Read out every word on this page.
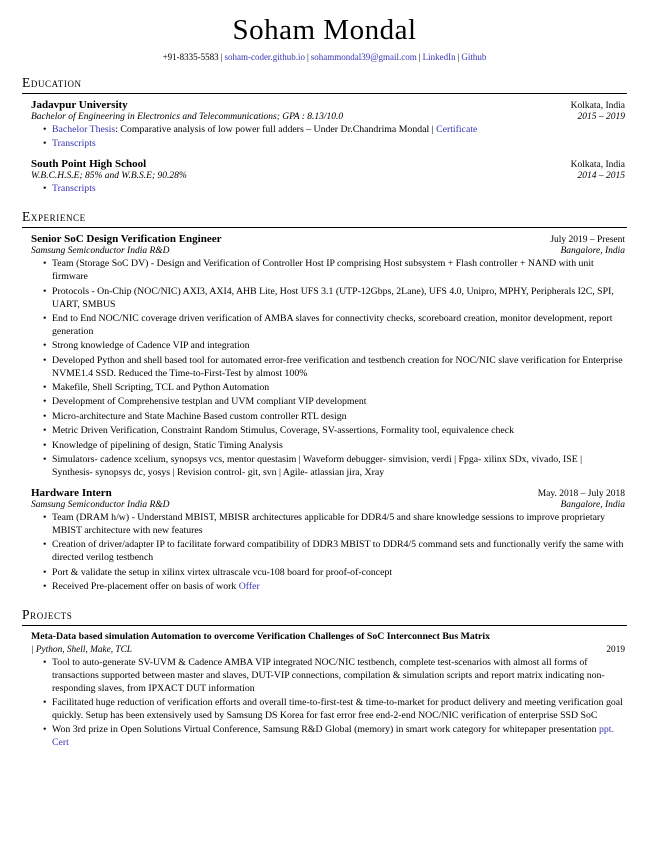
Soham Mondal
+91-8335-5583 | soham-coder.github.io | sohammondal39@gmail.com | LinkedIn | Github
Education
Jadavpur University	Kolkata, India
Bachelor of Engineering in Electronics and Telecommunications; GPA : 8.13/10.0	2015 – 2019
• Bachelor Thesis: Comparative analysis of low power full adders – Under Dr.Chandrima Mondal | Certificate
• Transcripts
South Point High School	Kolkata, India
W.B.C.H.S.E; 85% and W.B.S.E; 90.28%	2014 – 2015
• Transcripts
Experience
Senior SoC Design Verification Engineer	July 2019 – Present
Samsung Semiconductor India R&D	Bangalore, India
• Team (Storage SoC DV) - Design and Verification of Controller Host IP comprising Host subsystem + Flash controller + NAND with unit firmware
• Protocols - On-Chip (NOC/NIC) AXI3, AXI4, AHB Lite, Host UFS 3.1 (UTP-12Gbps, 2Lane), UFS 4.0, Unipro, MPHY, Peripherals I2C, SPI, UART, SMBUS
• End to End NOC/NIC coverage driven verification of AMBA slaves for connectivity checks, scoreboard creation, monitor development, report generation
• Strong knowledge of Cadence VIP and integration
• Developed Python and shell based tool for automated error-free verification and testbench creation for NOC/NIC slave verification for Enterprise NVME1.4 SSD. Reduced the Time-to-First-Test by almost 100%
• Makefile, Shell Scripting, TCL and Python Automation
• Development of Comprehensive testplan and UVM compliant VIP development
• Micro-architecture and State Machine Based custom controller RTL design
• Metric Driven Verification, Constraint Random Stimulus, Coverage, SV-assertions, Formality tool, equivalence check
• Knowledge of pipelining of design, Static Timing Analysis
• Simulators- cadence xcelium, synopsys vcs, mentor questasim | Waveform debugger- simvision, verdi | Fpga- xilinx SDx, vivado, ISE | Synthesis- synopsys dc, yosys | Revision control- git, svn | Agile- atlassian jira, Xray
Hardware Intern	May. 2018 – July 2018
Samsung Semiconductor India R&D	Bangalore, India
• Team (DRAM h/w) - Understand MBIST, MBISR architectures applicable for DDR4/5 and share knowledge sessions to improve proprietary MBIST architecture with new features
• Creation of driver/adapter IP to facilitate forward compatibility of DDR3 MBIST to DDR4/5 command sets and functionally verify the same with directed verilog testbench
• Port & validate the setup in xilinx virtex ultrascale vcu-108 board for proof-of-concept
• Received Pre-placement offer on basis of work Offer
Projects
Meta-Data based simulation Automation to overcome Verification Challenges of SoC Interconnect Bus Matrix
| Python, Shell, Make, TCL	2019
• Tool to auto-generate SV-UVM & Cadence AMBA VIP integrated NOC/NIC testbench, complete test-scenarios with almost all forms of transactions supported between master and slaves, DUT-VIP connections, compilation & simulation scripts and report matrix indicating non-responding slaves, from IPXACT DUT information
• Facilitated huge reduction of verification efforts and overall time-to-first-test & time-to-market for product delivery and meeting verification goal quickly. Setup has been extensively used by Samsung DS Korea for fast error free end-2-end NOC/NIC verification of enterprise SSD SoC
• Won 3rd prize in Open Solutions Virtual Conference, Samsung R&D Global (memory) in smart work category for whitepaper presentation ppt. Cert
